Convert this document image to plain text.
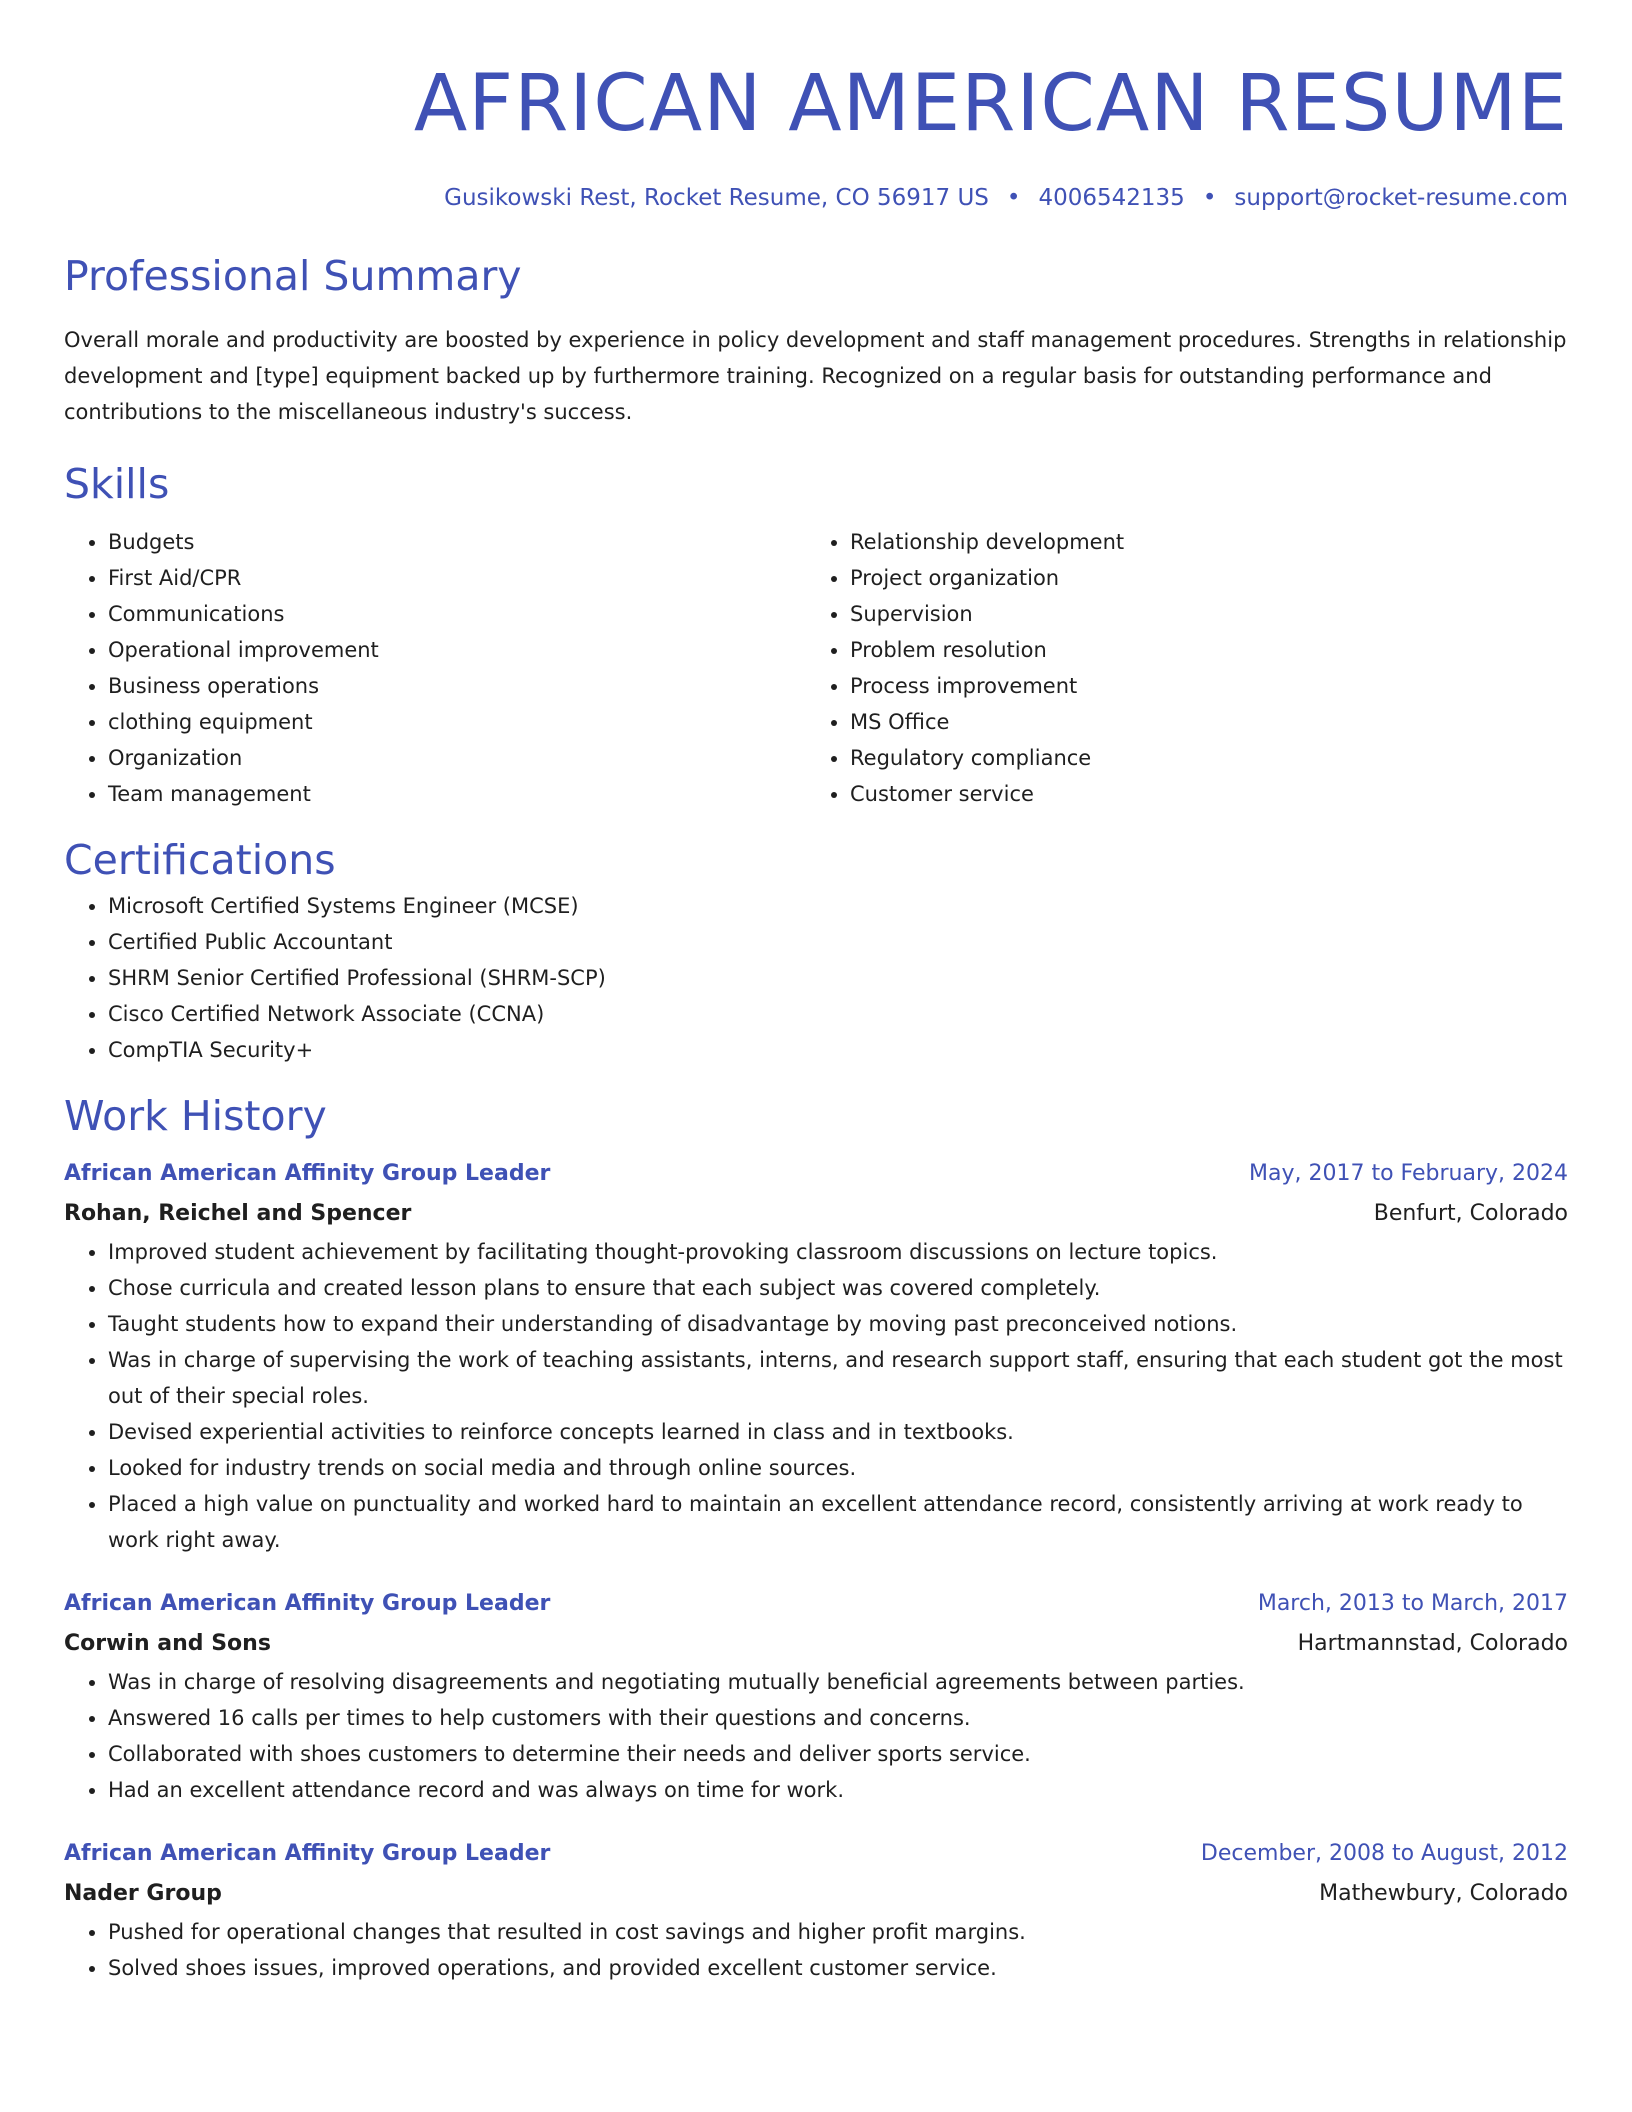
AFRICAN AMERICAN RESUME
Gusikowski Rest, Rocket Resume, CO 56917 US • 4006542135 • support@rocket-resume.com
Professional Summary

Overall morale and productivity are boosted by experience in policy development and staff management procedures. Strengths in relationship development and [type] equipment backed up by furthermore training. Recognized on a regular basis for outstanding performance and contributions to the miscellaneous industry's success.

Skills
• Budgets
• First Aid/CPR
• Communications
• Operational improvement
• Business operations
• clothing equipment
• Organization
• Team management
• Relationship development
• Project organization
• Supervision
• Problem resolution
• Process improvement
• MS Office
• Regulatory compliance
• Customer service
Certifications
• Microsoft Certified Systems Engineer (MCSE)
• Certified Public Accountant
• SHRM Senior Certified Professional (SHRM-SCP)
• Cisco Certified Network Associate (CCNA)
• CompTIA Security+
Work History
African American Affinity Group Leader	May, 2017 to February, 2024
Rohan, Reichel and Spencer	Benfurt, Colorado
• Improved student achievement by facilitating thought-provoking classroom discussions on lecture topics.
• Chose curricula and created lesson plans to ensure that each subject was covered completely.
• Taught students how to expand their understanding of disadvantage by moving past preconceived notions.
• Was in charge of supervising the work of teaching assistants, interns, and research support staff, ensuring that each student got the most out of their special roles.
• Devised experiential activities to reinforce concepts learned in class and in textbooks.
• Looked for industry trends on social media and through online sources.
• Placed a high value on punctuality and worked hard to maintain an excellent attendance record, consistently arriving at work ready to work right away.
African American Affinity Group Leader	March, 2013 to March, 2017
Corwin and Sons	Hartmannstad, Colorado
• Was in charge of resolving disagreements and negotiating mutually beneficial agreements between parties.
• Answered 16 calls per times to help customers with their questions and concerns.
• Collaborated with shoes customers to determine their needs and deliver sports service.
• Had an excellent attendance record and was always on time for work.
African American Affinity Group Leader	December, 2008 to August, 2012
Nader Group	Mathewbury, Colorado
• Pushed for operational changes that resulted in cost savings and higher profit margins.
• Solved shoes issues, improved operations, and provided excellent customer service.
